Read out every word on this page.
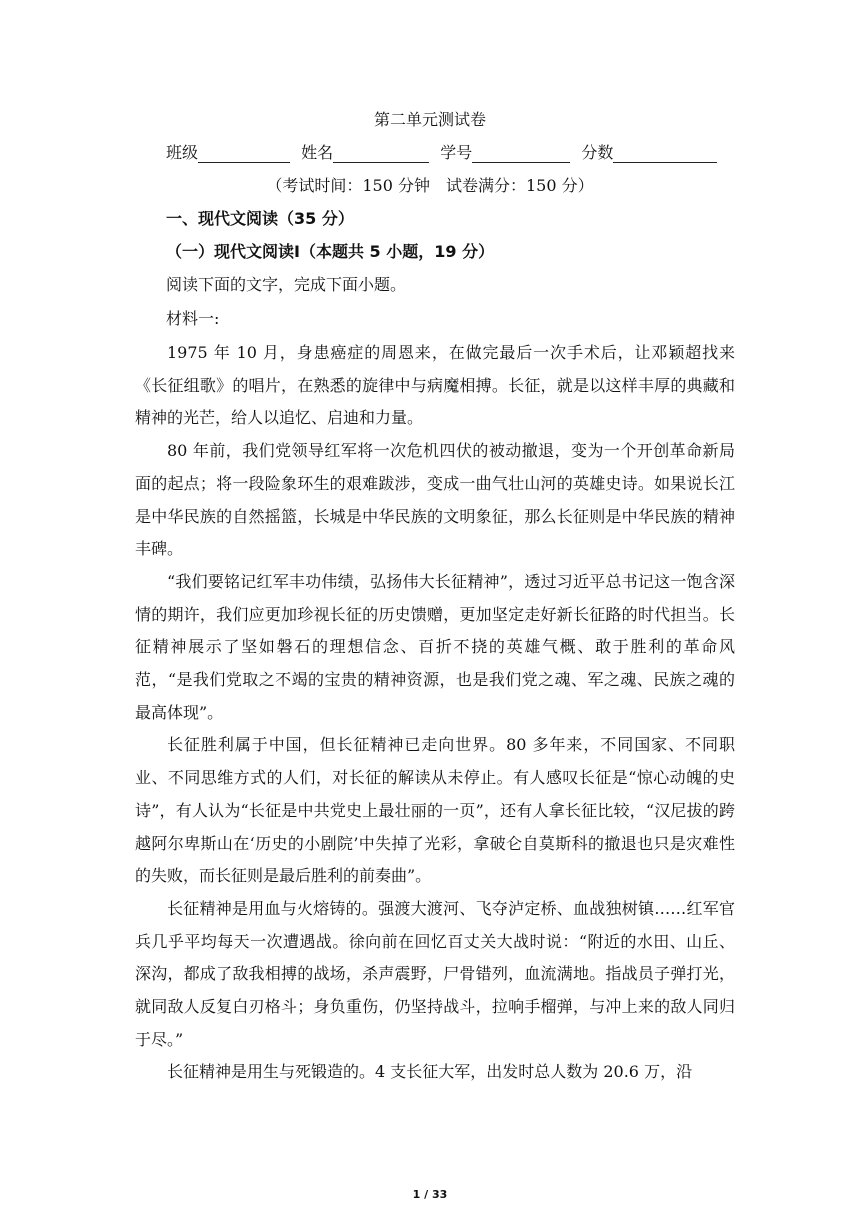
第二单元测试卷
班级	姓名	学号	分数
（考试时间：150 分钟　试卷满分：150 分）
一、现代文阅读（35 分）
（一）现代文阅读Ⅰ（本题共 5 小题，19 分）
阅读下面的文字，完成下面小题。
材料一:

1975 年 10 月，身患癌症的周恩来，在做完最后一次手术后，让邓颖超找来《长征组歌》的唱片，在熟悉的旋律中与病魔相搏。长征，就是以这样丰厚的典藏和精神的光芒，给人以追忆、启迪和力量。

80 年前，我们党领导红军将一次危机四伏的被动撤退，变为一个开创革命新局面的起点；将一段险象环生的艰难跋涉，变成一曲气壮山河的英雄史诗。如果说长江是中华民族的自然摇篮，长城是中华民族的文明象征，那么长征则是中华民族的精神丰碑。

“我们要铭记红军丰功伟绩，弘扬伟大长征精神”，透过习近平总书记这一饱含深情的期许，我们应更加珍视长征的历史馈赠，更加坚定走好新长征路的时代担当。长征精神展示了坚如磐石的理想信念、百折不挠的英雄气概、敢于胜利的革命风范，“是我们党取之不竭的宝贵的精神资源，也是我们党之魂、军之魂、民族之魂的最高体现”。

长征胜利属于中国，但长征精神已走向世界。80 多年来，不同国家、不同职业、不同思维方式的人们，对长征的解读从未停止。有人感叹长征是“惊心动魄的史诗”，有人认为“长征是中共党史上最壮丽的一页”，还有人拿长征比较，“汉尼拔的跨越阿尔卑斯山在‘历史的小剧院’中失掉了光彩，拿破仑自莫斯科的撤退也只是灾难性的失败，而长征则是最后胜利的前奏曲”。

长征精神是用血与火熔铸的。强渡大渡河、飞夺泸定桥、血战独树镇……红军官兵几乎平均每天一次遭遇战。徐向前在回忆百丈关大战时说：“附近的水田、山丘、深沟，都成了敌我相搏的战场，杀声震野，尸骨错列，血流满地。指战员子弹打光，就同敌人反复白刃格斗；身负重伤，仍坚持战斗，拉响手榴弹，与冲上来的敌人同归于尽。”

长征精神是用生与死锻造的。4 支长征大军，出发时总人数为 20.6 万，沿

1 / 33
